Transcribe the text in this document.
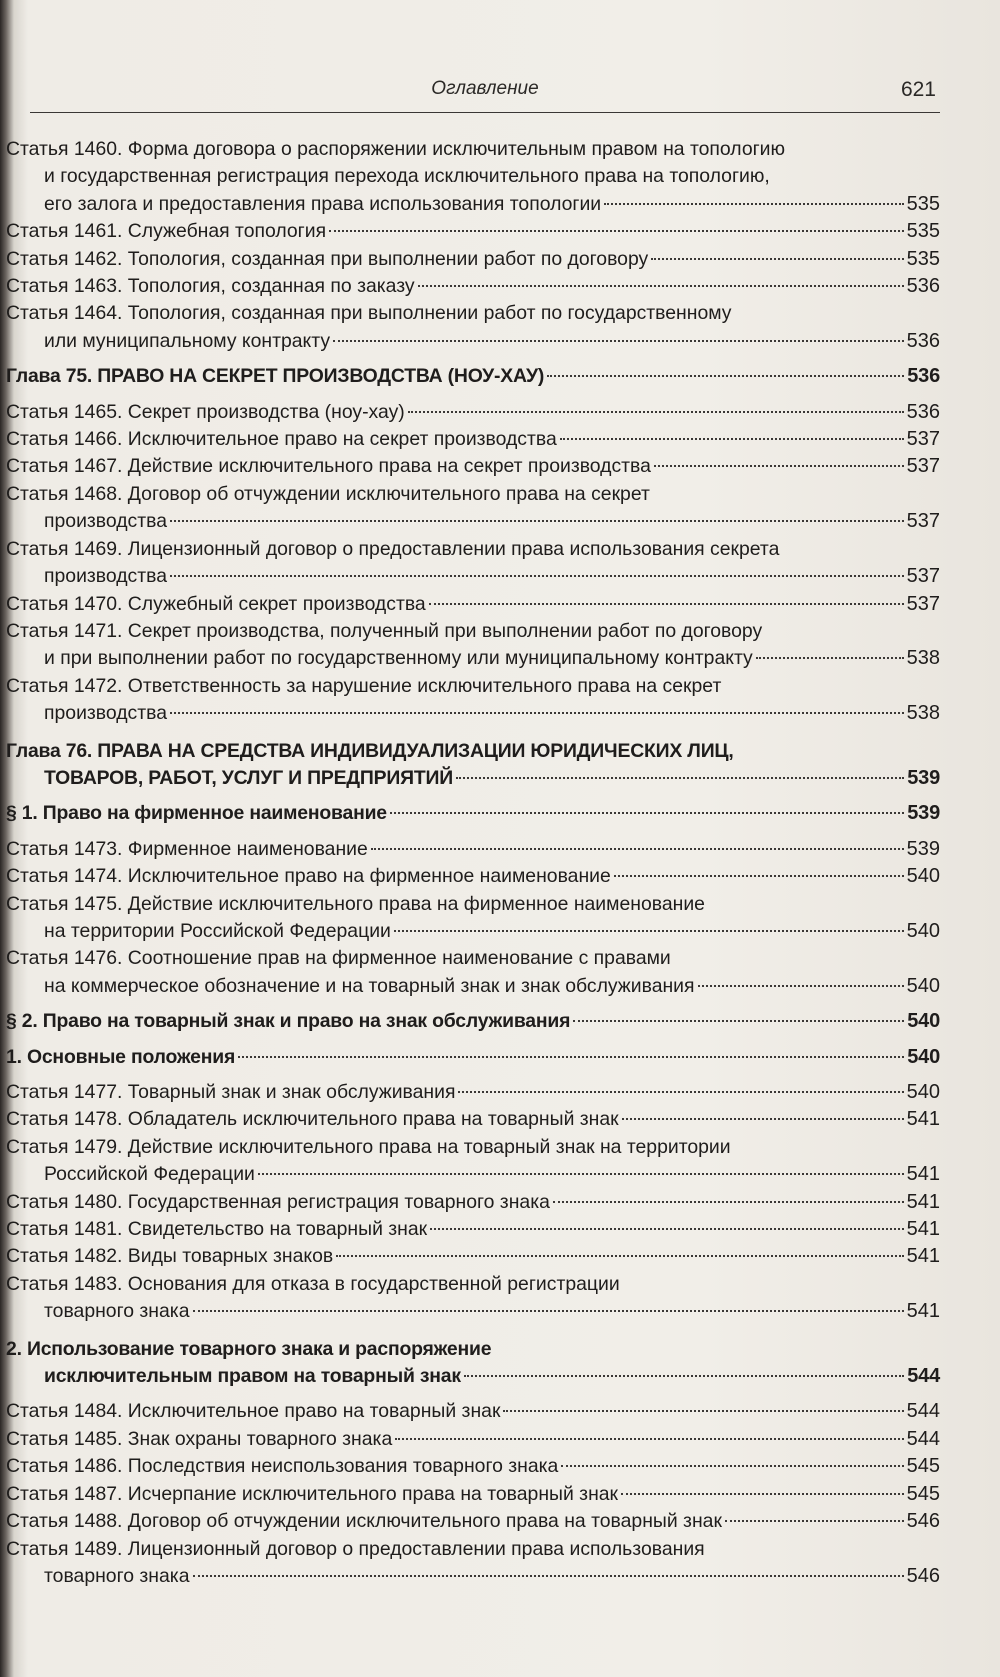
Оглавление	621
Статья 1460. Форма договора о распоряжении исключительным правом на топологию
и государственная регистрация перехода исключительного права на топологию,
его залога и предоставления права использования топологии	535
Статья 1461. Служебная топология	535
Статья 1462. Топология, созданная при выполнении работ по договору	535
Статья 1463. Топология, созданная по заказу	536
Статья 1464. Топология, созданная при выполнении работ по государственному
или муниципальному контракту	536
Глава 75. ПРАВО НА СЕКРЕТ ПРОИЗВОДСТВА (НОУ-ХАУ)	536
Статья 1465. Секрет производства (ноу-хау)	536
Статья 1466. Исключительное право на секрет производства	537
Статья 1467. Действие исключительного права на секрет производства	537
Статья 1468. Договор об отчуждении исключительного права на секрет
производства	537
Статья 1469. Лицензионный договор о предоставлении права использования секрета
производства	537
Статья 1470. Служебный секрет производства	537
Статья 1471. Секрет производства, полученный при выполнении работ по договору
и при выполнении работ по государственному или муниципальному контракту	538
Статья 1472. Ответственность за нарушение исключительного права на секрет
производства	538
Глава 76. ПРАВА НА СРЕДСТВА ИНДИВИДУАЛИЗАЦИИ ЮРИДИЧЕСКИХ ЛИЦ,
ТОВАРОВ, РАБОТ, УСЛУГ И ПРЕДПРИЯТИЙ	539
§ 1. Право на фирменное наименование	539
Статья 1473. Фирменное наименование	539
Статья 1474. Исключительное право на фирменное наименование	540
Статья 1475. Действие исключительного права на фирменное наименование
на территории Российской Федерации	540
Статья 1476. Соотношение прав на фирменное наименование с правами
на коммерческое обозначение и на товарный знак и знак обслуживания	540
§ 2. Право на товарный знак и право на знак обслуживания	540
1. Основные положения	540
Статья 1477. Товарный знак и знак обслуживания	540
Статья 1478. Обладатель исключительного права на товарный знак	541
Статья 1479. Действие исключительного права на товарный знак на территории
Российской Федерации	541
Статья 1480. Государственная регистрация товарного знака	541
Статья 1481. Свидетельство на товарный знак	541
Статья 1482. Виды товарных знаков	541
Статья 1483. Основания для отказа в государственной регистрации
товарного знака	541
2. Использование товарного знака и распоряжение
исключительным правом на товарный знак	544
Статья 1484. Исключительное право на товарный знак	544
Статья 1485. Знак охраны товарного знака	544
Статья 1486. Последствия неиспользования товарного знака	545
Статья 1487. Исчерпание исключительного права на товарный знак	545
Статья 1488. Договор об отчуждении исключительного права на товарный знак	546
Статья 1489. Лицензионный договор о предоставлении права использования
товарного знака	546
